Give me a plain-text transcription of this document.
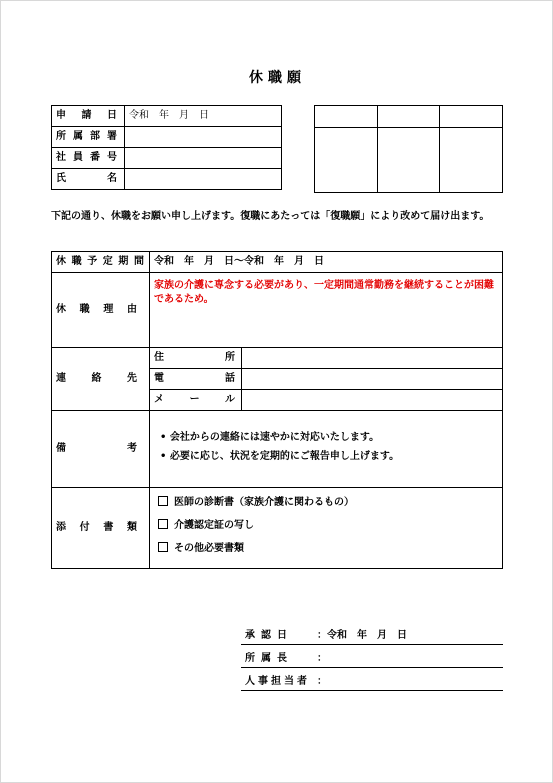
休職願
申請日	令和　年　月　日
所属部署	
社員番号	
氏名	

下記の通り、休職をお願い申し上げます。復職にあたっては「復職願」により改めて届け出ます。
休職予定期間	令和　年　月　日～令和　年　月　日	
休職理由	家族の介護に専念する必要があり、一定期間通常勤務を継続することが困難であるため。	
連絡先	住所	
	電話	
	メール	
備考	• 会社からの連絡には速やかに対応いたします。
• 必要に応じ、状況を定期的にご報告申し上げます。	

添付書類	医師の診断書（家族介護に関わるもの）
介護認定証の写し
その他必要書類	
承認日 ：令和　年　月　日
所属長 ：
人事担当者 ：
